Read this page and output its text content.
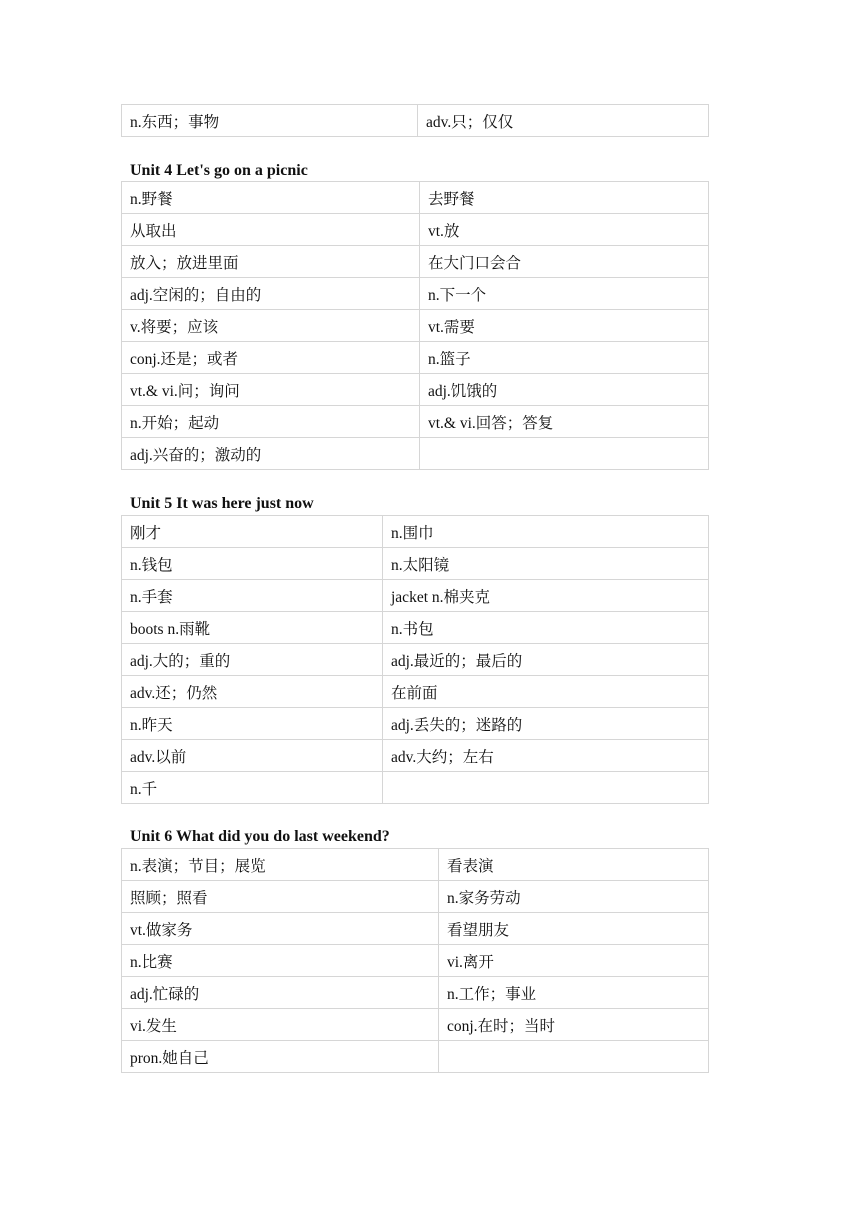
n.东西；事物	adv.只；仅仅
Unit 4 Let's go on a picnic
n.野餐	去野餐
从取出	vt.放
放入；放进里面	在大门口会合
adj.空闲的；自由的	n.下一个
v.将要；应该	vt.需要
conj.还是；或者	n.篮子
vt.& vi.问；询问	adj.饥饿的
n.开始；起动	vt.& vi.回答；答复
adj.兴奋的；激动的	
Unit 5 It was here just now
刚才	n.围巾
n.钱包	n.太阳镜
n.手套	jacket n.棉夹克
boots n.雨靴	n.书包
adj.大的；重的	adj.最近的；最后的
adv.还；仍然	在前面
n.昨天	adj.丢失的；迷路的
adv.以前	adv.大约；左右
n.千	
Unit 6 What did you do last weekend?
n.表演；节目；展览	看表演
照顾；照看	n.家务劳动
vt.做家务	看望朋友
n.比赛	vi.离开
adj.忙碌的	n.工作；事业
vi.发生	conj.在时；当时
pron.她自己	
